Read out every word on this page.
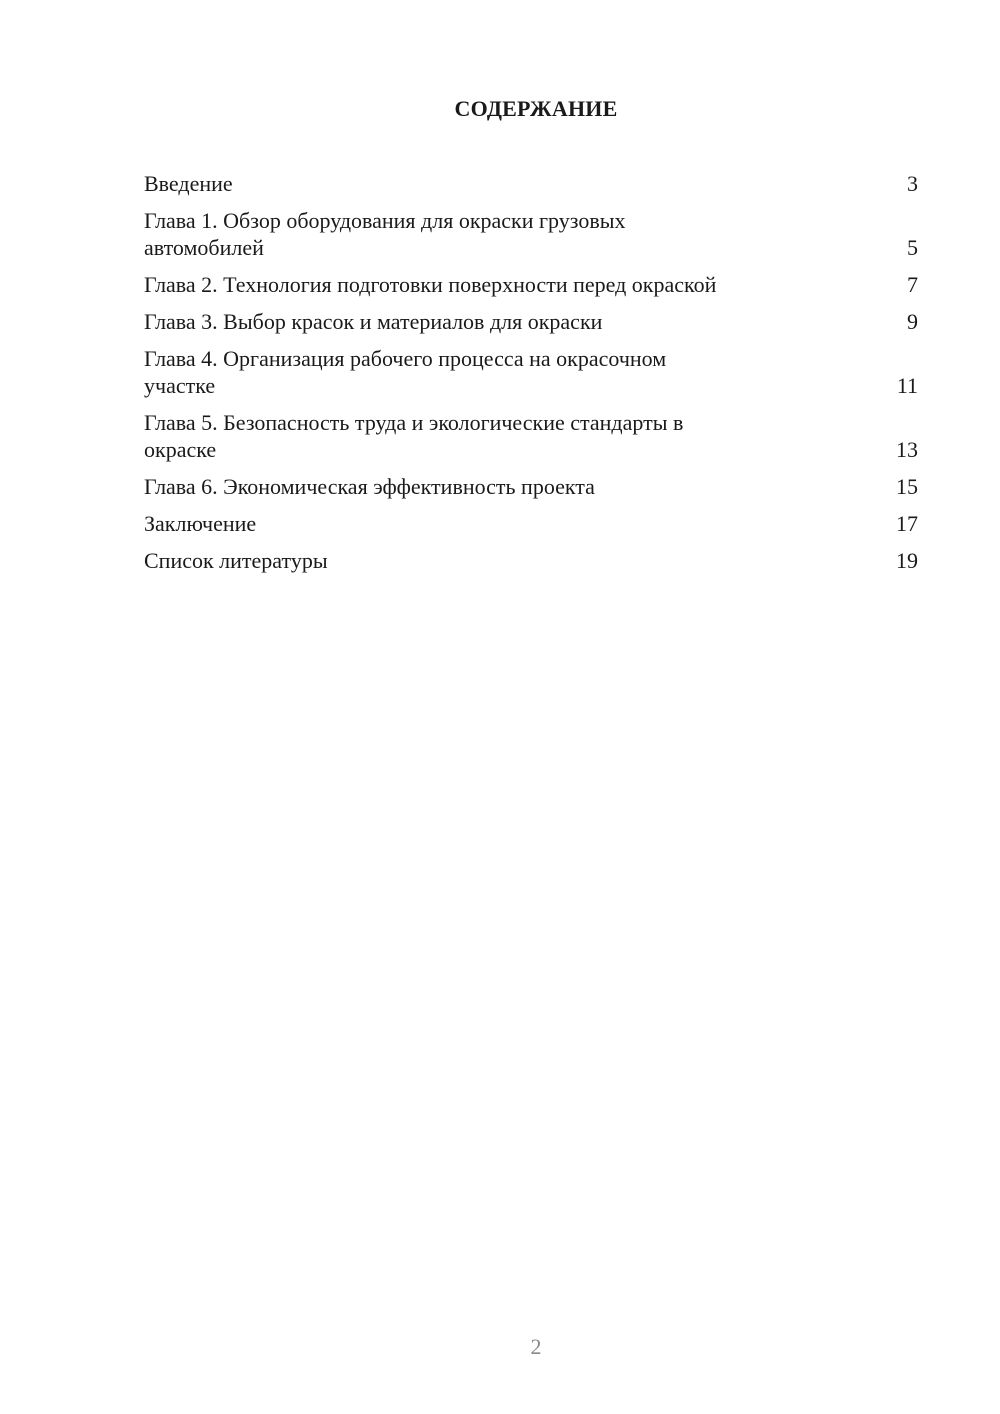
СОДЕРЖАНИЕ
Введение	3
Глава 1. Обзор оборудования для окраски грузовых
автомобилей	5
Глава 2. Технология подготовки поверхности перед окраской	7
Глава 3. Выбор красок и материалов для окраски	9
Глава 4. Организация рабочего процесса на окрасочном
участке	11
Глава 5. Безопасность труда и экологические стандарты в
окраске	13
Глава 6. Экономическая эффективность проекта	15
Заключение	17
Список литературы	19
2
